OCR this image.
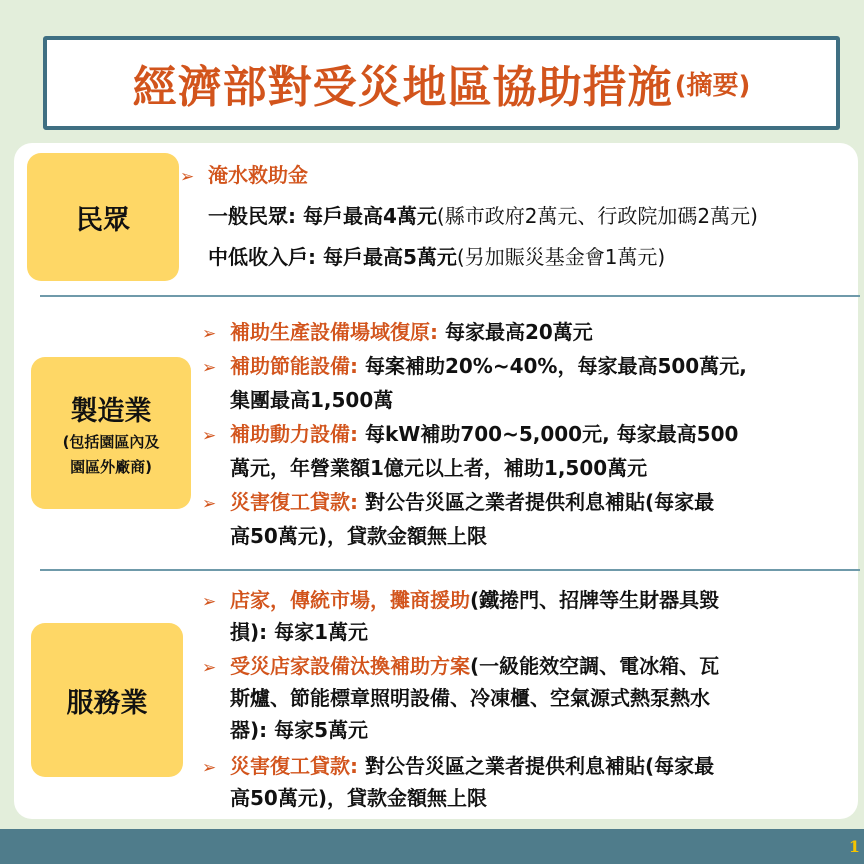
經濟部對受災地區協助措施 (摘要)
民眾
➢ 淹水救助金
一般民眾: 每戶最高4萬元(縣市政府2萬元、行政院加碼2萬元)
中低收入戶: 每戶最高5萬元(另加賑災基金會1萬元)
製造業
(包括園區內及
園區外廠商)
➢ 補助生產設備場域復原: 每家最高20萬元
➢ 補助節能設備: 每案補助20%~40%，每家最高500萬元,
集團最高1,500萬
➢ 補助動力設備: 每kW補助700~5,000元, 每家最高500
萬元，年營業額1億元以上者，補助1,500萬元
➢ 災害復工貸款: 對公告災區之業者提供利息補貼(每家最
高50萬元)，貸款金額無上限
服務業
➢ 店家，傳統市場，攤商援助(鐵捲門、招牌等生財器具毀
損): 每家1萬元
➢ 受災店家設備汰換補助方案(一級能效空調、電冰箱、瓦
斯爐、節能標章照明設備、冷凍櫃、空氣源式熱泵熱水
器): 每家5萬元
➢ 災害復工貸款: 對公告災區之業者提供利息補貼(每家最
高50萬元)，貸款金額無上限
1
